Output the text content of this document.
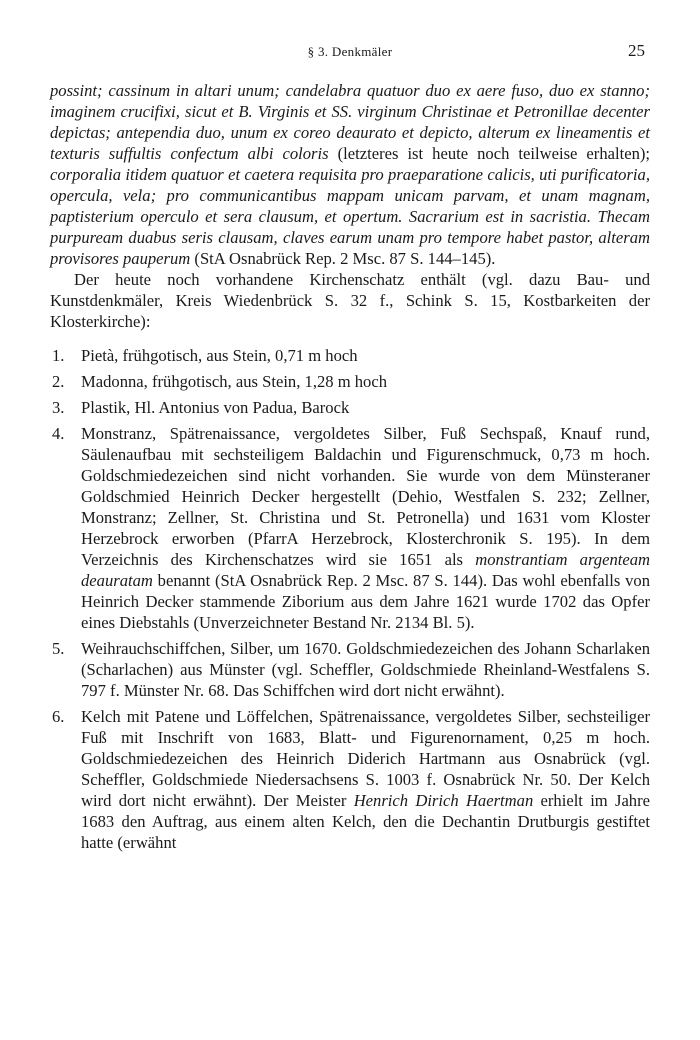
§ 3. Denkmäler	25

possint; cassinum in altari unum; candelabra quatuor duo ex aere fuso, duo ex stanno; imaginem crucifixi, sicut et B. Virginis et SS. virginum Christinae et Petronillae decenter depictas; antependia duo, unum ex coreo deaurato et depicto, alterum ex lineamentis et texturis suffultis confectum albi coloris (letzteres ist heute noch teilweise erhalten); corporalia itidem quatuor et caetera requisita pro praeparatione calicis, uti purificatoria, opercula, vela; pro communicantibus mappam unicam parvam, et unam magnam, paptisterium operculo et sera clausum, et opertum. Sacrarium est in sacristia. Thecam purpuream duabus seris clausam, claves earum unam pro tempore habet pastor, alteram provisores pauperum (StA Osnabrück Rep. 2 Msc. 87 S. 144–145).

Der heute noch vorhandene Kirchenschatz enthält (vgl. dazu Bau- und Kunstdenkmäler, Kreis Wiedenbrück S. 32 f., Schink S. 15, Kostbarkeiten der Klosterkirche):

1. Pietà, frühgotisch, aus Stein, 0,71 m hoch
2. Madonna, frühgotisch, aus Stein, 1,28 m hoch
3. Plastik, Hl. Antonius von Padua, Barock
4. Monstranz, Spätrenaissance, vergoldetes Silber, Fuß Sechspaß, Knauf rund, Säulenaufbau mit sechsteiligem Baldachin und Figurenschmuck, 0,73 m hoch. Goldschmiedezeichen sind nicht vorhanden. Sie wurde von dem Münsteraner Goldschmied Heinrich Decker hergestellt (Dehio, Westfalen S. 232; Zellner, Monstranz; Zellner, St. Christina und St. Petronella) und 1631 vom Kloster Herzebrock erworben (PfarrA Herzebrock, Klosterchronik S. 195). In dem Verzeichnis des Kirchenschatzes wird sie 1651 als monstrantiam argenteam deauratam benannt (StA Osnabrück Rep. 2 Msc. 87 S. 144). Das wohl ebenfalls von Heinrich Decker stammende Ziborium aus dem Jahre 1621 wurde 1702 das Opfer eines Diebstahls (Unverzeichneter Bestand Nr. 2134 Bl. 5).
5. Weihrauchschiffchen, Silber, um 1670. Goldschmiedezeichen des Johann Scharlaken (Scharlachen) aus Münster (vgl. Scheffler, Goldschmiede Rheinland-Westfalens S. 797 f. Münster Nr. 68. Das Schiffchen wird dort nicht erwähnt).
6. Kelch mit Patene und Löffelchen, Spätrenaissance, vergoldetes Silber, sechsteiliger Fuß mit Inschrift von 1683, Blatt- und Figurenornament, 0,25 m hoch. Goldschmiedezeichen des Heinrich Diderich Hartmann aus Osnabrück (vgl. Scheffler, Goldschmiede Niedersachsens S. 1003 f. Osnabrück Nr. 50. Der Kelch wird dort nicht erwähnt). Der Meister Henrich Dirich Haertman erhielt im Jahre 1683 den Auftrag, aus einem alten Kelch, den die Dechantin Drutburgis gestiftet hatte (erwähnt
